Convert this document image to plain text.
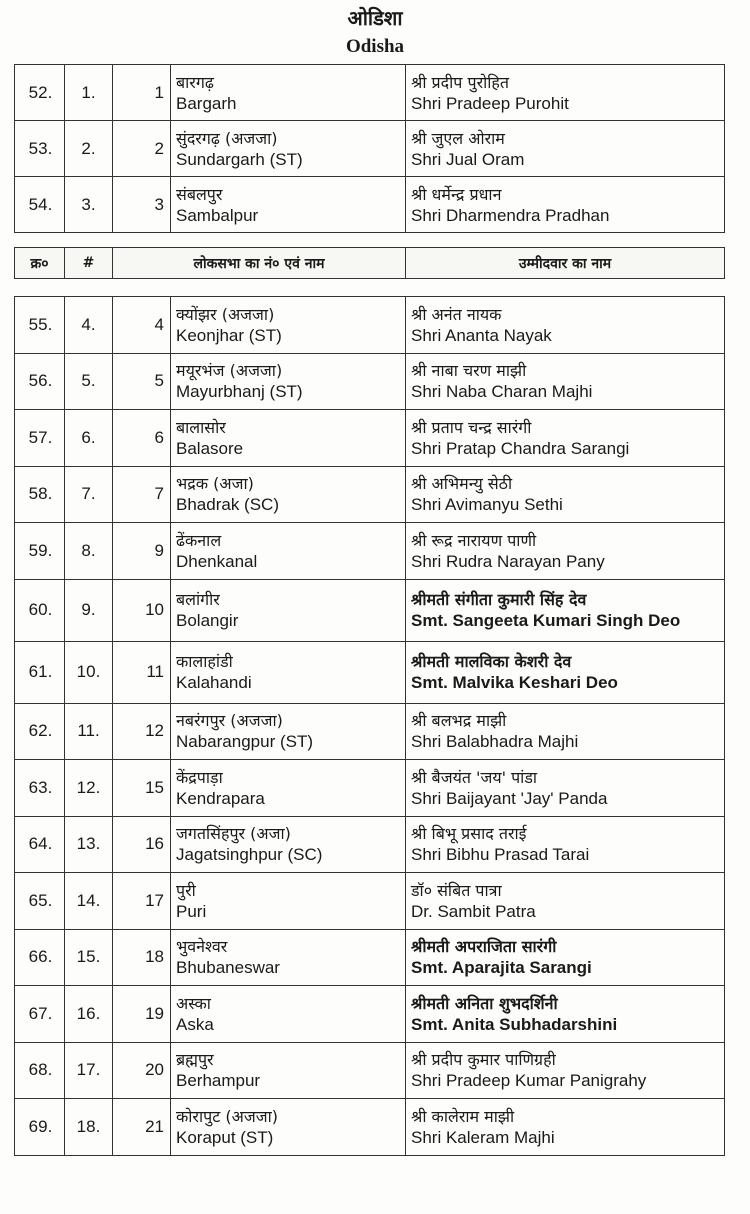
ओडिशा
Odisha
52.	1.	1	बारगढ़
Bargarh	श्री प्रदीप पुरोहित
Shri Pradeep Purohit

53.	2.	2	सुंदरगढ़ (अजजा)
Sundargarh (ST)	श्री जुएल ओराम
Shri Jual Oram

54.	3.	3	संबलपुर
Sambalpur	श्री धर्मेन्द्र प्रधान
Shri Dharmendra Pradhan
क्र०	#	लोकसभा का नं० एवं नाम	उम्मीदवार का नाम
55.	4.	4	क्योंझर (अजजा)
Keonjhar (ST)	श्री अनंत नायक
Shri Ananta Nayak

56.	5.	5	मयूरभंज (अजजा)
Mayurbhanj (ST)	श्री नाबा चरण माझी
Shri Naba Charan Majhi

57.	6.	6	बालासोर
Balasore	श्री प्रताप चन्द्र सारंगी
Shri Pratap Chandra Sarangi

58.	7.	7	भद्रक (अजा)
Bhadrak (SC)	श्री अभिमन्यु सेठी
Shri Avimanyu Sethi

59.	8.	9	ढेंकनाल
Dhenkanal	श्री रूद्र नारायण पाणी
Shri Rudra Narayan Pany

60.	9.	10	बलांगीर
Bolangir	श्रीमती संगीता कुमारी सिंह देव
Smt. Sangeeta Kumari Singh Deo

61.	10.	11	कालाहांडी
Kalahandi	श्रीमती मालविका केशरी देव
Smt. Malvika Keshari Deo

62.	11.	12	नबरंगपुर (अजजा)
Nabarangpur (ST)	श्री बलभद्र माझी
Shri Balabhadra Majhi

63.	12.	15	केंद्रपाड़ा
Kendrapara	श्री बैजयंत 'जय' पांडा
Shri Baijayant 'Jay' Panda

64.	13.	16	जगतसिंहपुर (अजा)
Jagatsinghpur (SC)	श्री बिभू प्रसाद तराई
Shri Bibhu Prasad Tarai

65.	14.	17	पुरी
Puri	डॉ० संबित पात्रा
Dr. Sambit Patra

66.	15.	18	भुवनेश्वर
Bhubaneswar	श्रीमती अपराजिता सारंगी
Smt. Aparajita Sarangi

67.	16.	19	अस्का
Aska	श्रीमती अनिता शुभदर्शिनी
Smt. Anita Subhadarshini

68.	17.	20	ब्रह्मपुर
Berhampur	श्री प्रदीप कुमार पाणिग्रही
Shri Pradeep Kumar Panigrahy

69.	18.	21	कोरापुट (अजजा)
Koraput (ST)	श्री कालेराम माझी
Shri Kaleram Majhi
